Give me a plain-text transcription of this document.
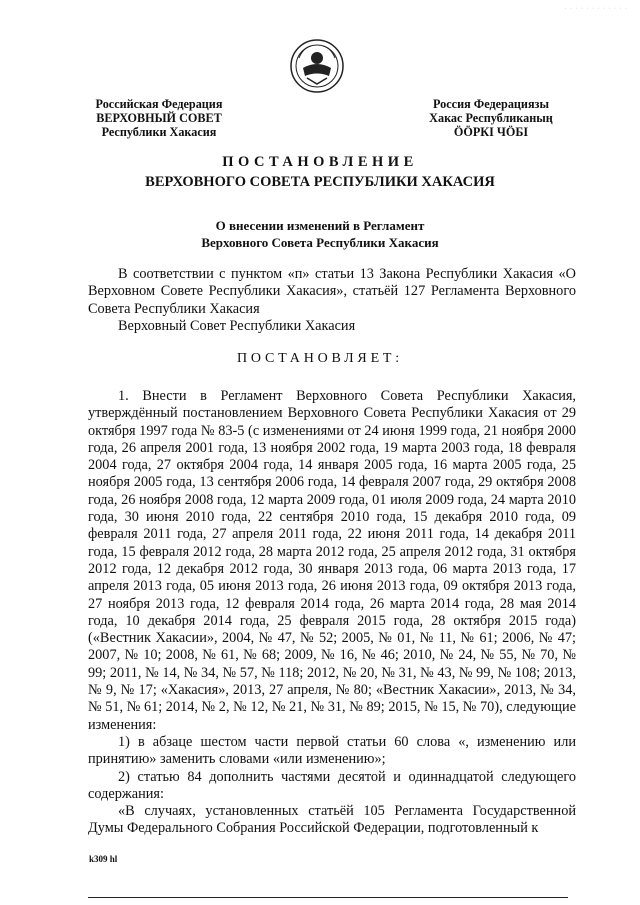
· · · · · · · · · · · ·
Российская Федерация
ВЕРХОВНЫЙ СОВЕТ
Республики Хакасия
Россия Федерациязы
Хакас Республиканың
ÖÖРКІ ЧÖБІ
ПОСТАНОВЛЕНИЕ
ВЕРХОВНОГО СОВЕТА РЕСПУБЛИКИ ХАКАСИЯ
О внесении изменений в Регламент
Верховного Совета Республики Хакасия

В соответствии с пунктом «п» статьи 13 Закона Республики Хакасия «О Верховном Совете Республики Хакасия», статьёй 127 Регламента Верховного Совета Республики Хакасия

Верховный Совет Республики Хакасия

ПОСТАНОВЛЯЕТ:

1. Внести в Регламент Верховного Совета Республики Хакасия, утверждённый постановлением Верховного Совета Республики Хакасия от 29 октября 1997 года № 83-5 (с изменениями от 24 июня 1999 года, 21 ноября 2000 года, 26 апреля 2001 года, 13 ноября 2002 года, 19 марта 2003 года, 18 февраля 2004 года, 27 октября 2004 года, 14 января 2005 года, 16 марта 2005 года, 25 ноября 2005 года, 13 сентября 2006 года, 14 февраля 2007 года, 29 октября 2008 года, 26 ноября 2008 года, 12 марта 2009 года, 01 июля 2009 года, 24 марта 2010 года, 30 июня 2010 года, 22 сентября 2010 года, 15 декабря 2010 года, 09 февраля 2011 года, 27 апреля 2011 года, 22 июня 2011 года, 14 декабря 2011 года, 15 февраля 2012 года, 28 марта 2012 года, 25 апреля 2012 года, 31 октября 2012 года, 12 декабря 2012 года, 30 января 2013 года, 06 марта 2013 года, 17 апреля 2013 года, 05 июня 2013 года, 26 июня 2013 года, 09 октября 2013 года, 27 ноября 2013 года, 12 февраля 2014 года, 26 марта 2014 года, 28 мая 2014 года, 10 декабря 2014 года, 25 февраля 2015 года, 28 октября 2015 года) («Вестник Хакасии», 2004, № 47, № 52; 2005, № 01, № 11, № 61; 2006, № 47; 2007, № 10; 2008, № 61, № 68; 2009, № 16, № 46; 2010, № 24, № 55, № 70, № 99; 2011, № 14, № 34, № 57, № 118; 2012, № 20, № 31, № 43, № 99, № 108; 2013, № 9, № 17; «Хакасия», 2013, 27 апреля, № 80; «Вестник Хакасии», 2013, № 34, № 51, № 61; 2014, № 2, № 12, № 21, № 31, № 89; 2015, № 15, № 70), следующие изменения:

1) в абзаце шестом части первой статьи 60 слова «, изменению или принятию» заменить словами «или изменению»;

2) статью 84 дополнить частями десятой и одиннадцатой следующего содержания:

«В случаях, установленных статьёй 105 Регламента Государственной Думы Федерального Собрания Российской Федерации, подготовленный к

k309 hl
